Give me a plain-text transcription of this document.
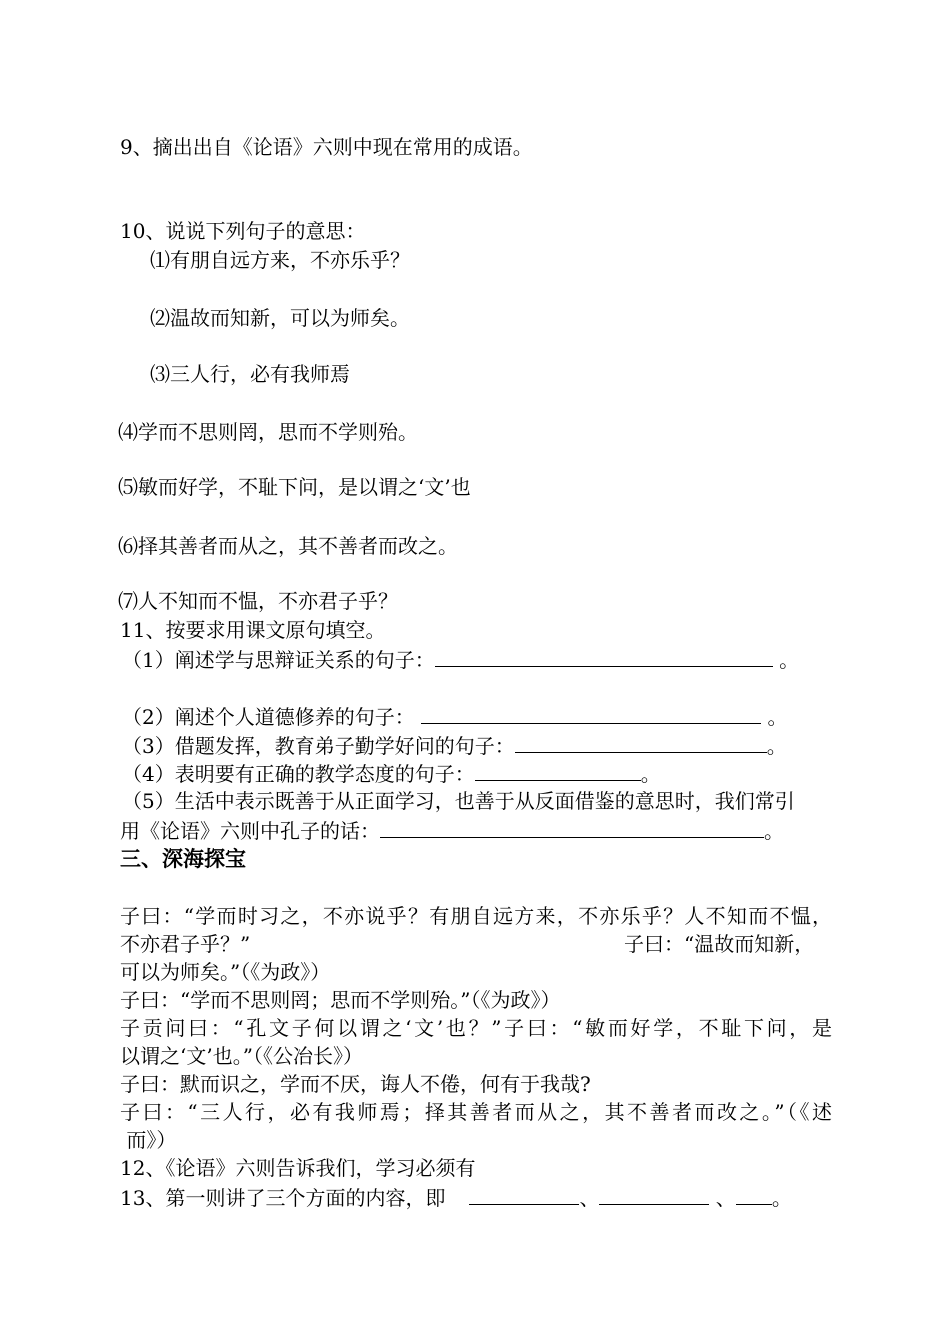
9、摘出出自《论语》六则中现在常用的成语。
10、说说下列句子的意思：
⑴有朋自远方来，不亦乐乎？
⑵温故而知新，可以为师矣。
⑶三人行，必有我师焉
⑷学而不思则罔，思而不学则殆。
⑸敏而好学，不耻下问，是以谓之‘文’也
⑹择其善者而从之，其不善者而改之。
⑺人不知而不愠，不亦君子乎？
11、按要求用课文原句填空。
（1）阐述学与思辩证关系的句子：	。
（2）阐述个人道德修养的句子：	。
（3）借题发挥，教育弟子勤学好问的句子：	。
（4）表明要有正确的教学态度的句子：	。
（5）生活中表示既善于从正面学习，也善于从反面借鉴的意思时，我们常引
用《论语》六则中孔子的话：	。
三、深海探宝
子曰：“学而时习之，不亦说乎？有朋自远方来，不亦乐乎？人不知而不愠，
不亦君子乎？”	子曰：“温故而知新，
可以为师矣。”（《为政》）
子曰：“学而不思则罔；思而不学则殆。”（《为政》）
子贡问曰：“孔文子何以谓之‘文’也？”子曰：“敏而好学，不耻下问，是
以谓之‘文’也。”（《公冶长》）
子曰：默而识之，学而不厌，诲人不倦，何有于我哉?
子曰：“三人行，必有我师焉；择其善者而从之，其不善者而改之。”（《述
而》）
12、《论语》六则告诉我们，学习必须有
13、第一则讲了三个方面的内容，即	、	、 。
